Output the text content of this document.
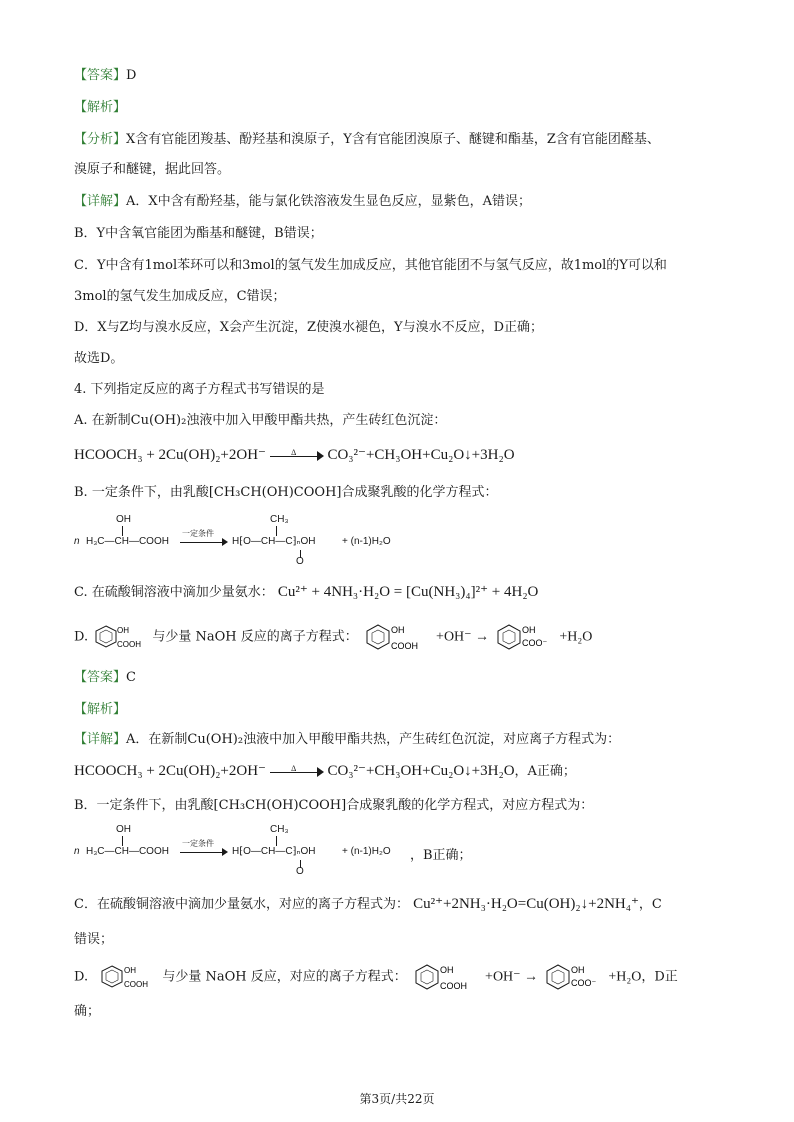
【答案】D
【解析】
【分析】X含有官能团羧基、酚羟基和溴原子，Y含有官能团溴原子、醚键和酯基，Z含有官能团醛基、
溴原子和醚键，据此回答。
【详解】A．X中含有酚羟基，能与氯化铁溶液发生显色反应，显紫色，A错误；
B．Y中含氧官能团为酯基和醚键，B错误；
C．Y中含有1mol苯环可以和3mol的氢气发生加成反应，其他官能团不与氢气反应，故1mol的Y可以和
3mol的氢气发生加成反应，C错误；
D．X与Z均与溴水反应，X会产生沉淀，Z使溴水褪色，Y与溴水不反应，D正确；
故选D。
4. 下列指定反应的离子方程式书写错误的是
A. 在新制Cu(OH)₂浊液中加入甲酸甲酯共热，产生砖红色沉淀：
HCOOCH₃ + 2Cu(OH)₂+2OH⁻	Δ	CO₃²⁻+CH₃OH+Cu₂O↓+3H₂O
B. 一定条件下，由乳酸[CH₃CH(OH)COOH]合成聚乳酸的化学方程式：
OH
n H₃C—CH—COOH
一定条件
CH₃
H⁅O—CH—C⁆ₙOH
O
+ (n-1)H₂O
C. 在硫酸铜溶液中滴加少量氨水： Cu²⁺ + 4NH₃·H₂O = [Cu(NH₃)₄]²⁺ + 4H₂O
D.	OH
COOH 与少量 NaOH 反应的离子方程式：	OH
COOH
+OH⁻ →	OH
COO⁻ +H₂O
【答案】C
【解析】
【详解】A．在新制Cu(OH)₂浊液中加入甲酸甲酯共热，产生砖红色沉淀，对应离子方程式为：
HCOOCH₃ + 2Cu(OH)₂+2OH⁻	Δ	CO₃²⁻+CH₃OH+Cu₂O↓+3H₂O，A正确；
B．一定条件下，由乳酸[CH₃CH(OH)COOH]合成聚乳酸的化学方程式，对应方程式为：
OH
n H₃C—CH—COOH
一定条件
CH₃
H⁅O—CH—C⁆ₙOH
O
+ (n-1)H₂O ，B正确；
C．在硫酸铜溶液中滴加少量氨水，对应的离子方程式为： Cu²⁺+2NH₃·H₂O=Cu(OH)₂↓+2NH₄⁺，C
错误；
D.	OH
COOH 与少量 NaOH 反应，对应的离子方程式：	OH
COOH
+OH⁻ →	OH
COO⁻ +H₂O，D正
确；
第3页/共22页
